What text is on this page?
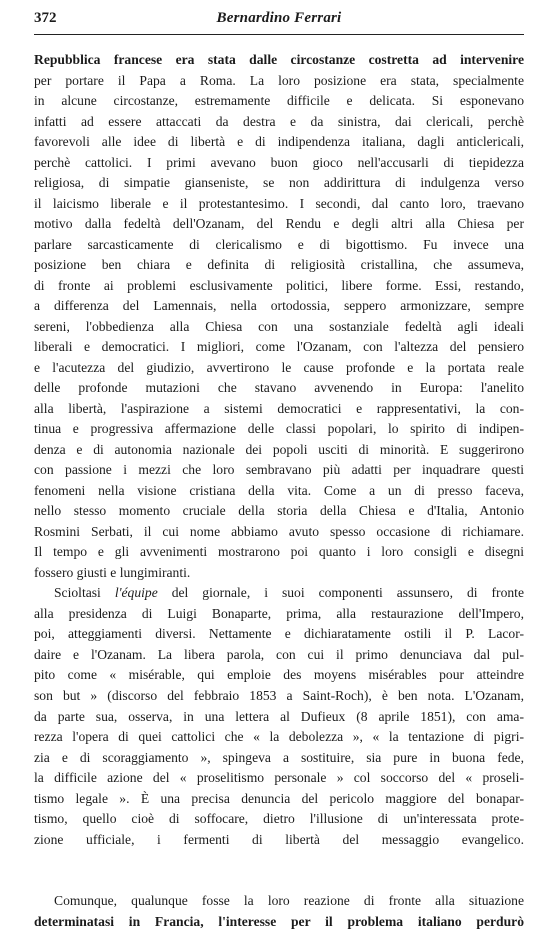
372	Bernardino Ferrari
Repubblica francese era stata dalle circostanze costretta ad intervenire
per portare il Papa a Roma. La loro posizione era stata, specialmente
in alcune circostanze, estremamente difficile e delicata. Si esponevano
infatti ad essere attaccati da destra e da sinistra, dai clericali, perchè
favorevoli alle idee di libertà e di indipendenza italiana, dagli anticlericali,
perchè cattolici. I primi avevano buon gioco nell'accusarli di tiepidezza
religiosa, di simpatie gianseniste, se non addirittura di indulgenza verso
il laicismo liberale e il protestantesimo. I secondi, dal canto loro, traevano
motivo dalla fedeltà dell'Ozanam, del Rendu e degli altri alla Chiesa per
parlare sarcasticamente di clericalismo e di bigottismo. Fu invece una
posizione ben chiara e definita di religiosità cristallina, che assumeva,
di fronte ai problemi esclusivamente politici, libere forme. Essi, restando,
a differenza del Lamennais, nella ortodossia, seppero armonizzare, sempre
sereni, l'obbedienza alla Chiesa con una sostanziale fedeltà agli ideali
liberali e democratici. I migliori, come l'Ozanam, con l'altezza del pensiero
e l'acutezza del giudizio, avvertirono le cause profonde e la portata reale
delle profonde mutazioni che stavano avvenendo in Europa: l'anelito
alla libertà, l'aspirazione a sistemi democratici e rappresentativi, la con-
tinua e progressiva affermazione delle classi popolari, lo spirito di indipen-
denza e di autonomia nazionale dei popoli usciti di minorità. E suggerirono
con passione i mezzi che loro sembravano più adatti per inquadrare questi
fenomeni nella visione cristiana della vita. Come a un di presso faceva,
nello stesso momento cruciale della storia della Chiesa e d'Italia, Antonio
Rosmini Serbati, il cui nome abbiamo avuto spesso occasione di richiamare.
Il tempo e gli avvenimenti mostrarono poi quanto i loro consigli e disegni
fossero giusti e lungimiranti.
Scioltasi l'équipe del giornale, i suoi componenti assunsero, di fronte
alla presidenza di Luigi Bonaparte, prima, alla restaurazione dell'Impero,
poi, atteggiamenti diversi. Nettamente e dichiaratamente ostili il P. Lacor-
daire e l'Ozanam. La libera parola, con cui il primo denunciava dal pul-
pito come « misérable, qui emploie des moyens misérables pour atteindre
son but » (discorso del febbraio 1853 a Saint-Roch), è ben nota. L'Ozanam,
da parte sua, osserva, in una lettera al Dufieux (8 aprile 1851), con ama-
rezza l'opera di quei cattolici che « la debolezza », « la tentazione di pigri-
zia e di scoraggiamento », spingeva a sostituire, sia pure in buona fede,
la difficile azione del « proselitismo personale » col soccorso del « proseli-
tismo legale ». È una precisa denuncia del pericolo maggiore del bonapar-
tismo, quello cioè di soffocare, dietro l'illusione di un'interessata prote-
zione ufficiale, i fermenti di libertà del messaggio evangelico.
Comunque, qualunque fosse la loro reazione di fronte alla situazione
determinatasi in Francia, l'interesse per il problema italiano perdurò
